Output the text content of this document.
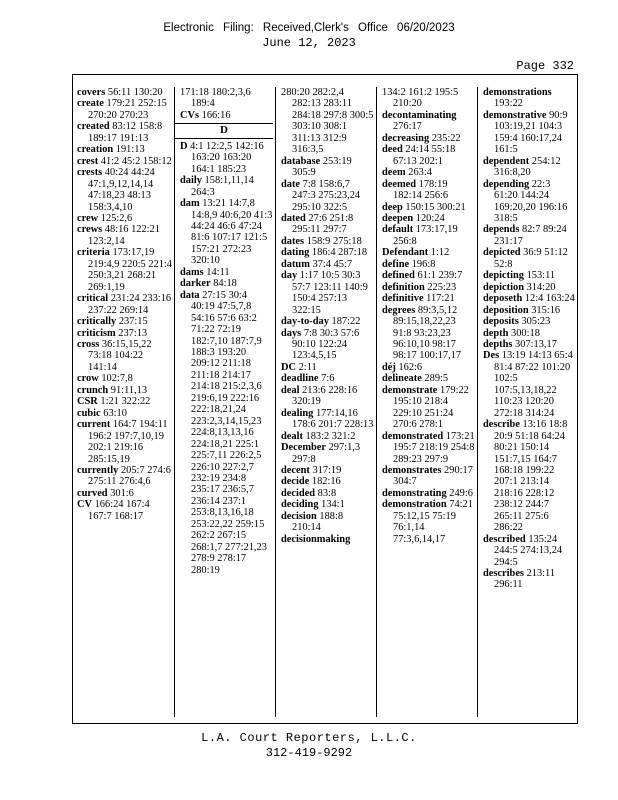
Electronic Filing: Received,Clerk's Office 06/20/2023
June 12, 2023
Page 332

covers 56:11 130:20

create 179:21 252:15 270:20 270:23

created 83:12 158:8 189:17 191:13

creation 191:13

crest 41:2 45:2 158:12

crests 40:24 44:24 47:1,9,12,14,14 47:18,23 48:13 158:3,4,10

crew 125:2,6

crews 48:16 122:21 123:2,14

criteria 173:17,19 219:4,9 220:5 221:4 250:3,21 268:21 269:1,19

critical 231:24 233:16 237:22 269:14

critically 237:15

criticism 237:13

cross 36:15,15,22 73:18 104:22 141:14

crow 102:7,8

crunch 91:11,13

CSR 1:21 322:22

cubic 63:10

current 164:7 194:11 196:2 197:7,10,19 202:1 219:16 285:15,19

currently 205:7 274:6 275:11 276:4,6

curved 301:6

CV 166:24 167:4 167:7 168:17

171:18 180:2,3,6 189:4

CVs 166:16

D

D 4:1 12:2,5 142:16 163:20 163:20 164:1 185:23

daily 158:1,11,14 264:3

dam 13:21 14:7,8 14:8,9 40:6,20 41:3 44:24 46:6 47:24 81:6 107:17 121:5 157:21 272:23 320:10

dams 14:11

darker 84:18

data 27:15 30:4 40:19 47:5,7,8 54:16 57:6 63:2 71:22 72:19 182:7,10 187:7,9 188:3 193:20 209:12 211:18 211:18 214:17 214:18 215:2,3,6 219:6,19 222:16 222:18,21,24 223:2,3,14,15,23 224:8,13,13,16 224:18,21 225:1 225:7,11 226:2,5 226:10 227:2,7 232:19 234:8 235:17 236:5,7 236:14 237:1 253:8,13,16,18 253:22,22 259:15 262:2 267:15 268:1,7 277:21,23 278:9 278:17 280:19

280:20 282:2,4 282:13 283:11 284:18 297:8 300:5 303:10 308:1 311:13 312:9 316:3,5

database 253:19 305:9

date 7:8 158:6,7 247:3 275:23,24 295:10 322:5

dated 27:6 251:8 295:11 297:7

dates 158:9 275:18

dating 186:4 287:18

datum 37:4 45:7

day 1:17 10:5 30:3 57:7 123:11 140:9 150:4 257:13 322:15

day-to-day 187:22

days 7:8 30:3 57:6 90:10 122:24 123:4,5,15

DC 2:11

deadline 7:6

deal 213:6 228:16 320:19

dealing 177:14,16 178:6 201:7 228:13

dealt 183:2 321:2

December 297:1,3 297:8

decent 317:19

decide 182:16

decided 83:8

deciding 134:1

decision 188:8 210:14

decisionmaking

134:2 161:2 195:5 210:20

decontaminating 276:17

decreasing 235:22

deed 24:14 55:18 67:13 202:1

deem 263:4

deemed 178:19 182:14 256:6

deep 150:15 300:21

deepen 120:24

default 173:17,19 256:8

Defendant 1:12

define 196:8

defined 61:1 239:7

definition 225:23

definitive 117:21

degrees 89:3,5,12 89:15,18,22,23 91:8 93:23,23 96:10,10 98:17 98:17 100:17,17

déj 162:6

delineate 289:5

demonstrate 179:22 195:10 218:4 229:10 251:24 270:6 278:1

demonstrated 173:21 195:7 218:19 254:8 289:23 297:9

demonstrates 290:17 304:7

demonstrating 249:6

demonstration 74:21 75:12,15 75:19 76:1,14 77:3,6,14,17

demonstrations 193:22

demonstrative 90:9 103:19,21 104:3 159:4 160:17,24 161:5

dependent 254:12 316:8,20

depending 22:3 61:20 144:24 169:20,20 196:16 318:5

depends 82:7 89:24 231:17

depicted 36:9 51:12 52:8

depicting 153:11

depiction 314:20

deposeth 12:4 163:24

deposition 315:16

deposits 305:23

depth 300:18

depths 307:13,17

Des 13:19 14:13 65:4 81:4 87:22 101:20 102:5 107:5,13,18,22 110:23 120:20 272:18 314:24

describe 13:16 18:8 20:9 51:18 64:24 80:21 150:14 151:7,15 164:7 168:18 199:22 207:1 213:14 218:16 228:12 238:12 244:7 265:11 275:6 286:22

described 135:24 244:5 274:13,24 294:5

describes 213:11 296:11

L.A. Court Reporters, L.L.C.
312-419-9292
